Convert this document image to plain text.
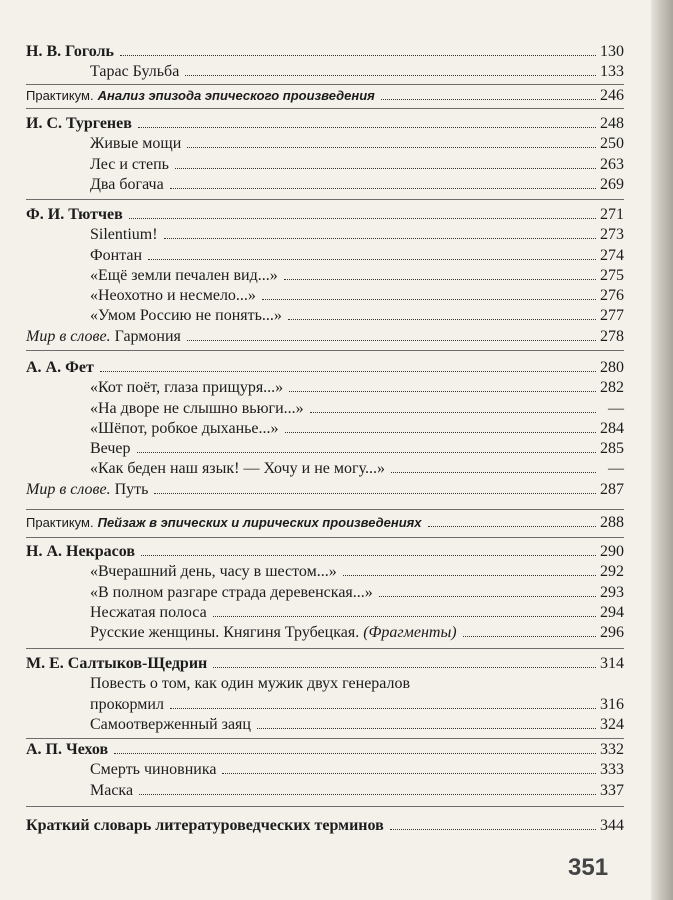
Н. В. Гоголь	130
Тарас Бульба	133
Практикум. Анализ эпизода эпического произведения	246
И. С. Тургенев	248
Живые мощи	250
Лес и степь	263
Два богача	269
Ф. И. Тютчев	271
Silentium!	273
Фонтан	274
«Ещё земли печален вид...»	275
«Неохотно и несмело...»	276
«Умом Россию не понять...»	277
Мир в слове.
Гармония	278
А. А. Фет	280
«Кот поёт, глаза прищуря...»	282
«На дворе не слышно вьюги...»	—
«Шёпот, робкое дыханье...»	284
Вечер	285
«Как беден наш язык! — Хочу и не могу...»	—
Мир в слове.
Путь	287
Практикум. Пейзаж в эпических и лирических произведениях	288
Н. А. Некрасов	290
«Вчерашний день, часу в шестом...»	292
«В полном разгаре страда деревенская...»	293
Несжатая полоса	294
Русские женщины. Княгиня Трубецкая.
(Фрагменты)	296
М. Е. Салтыков-Щедрин	314
Повесть о том, как один мужик двух генералов
прокормил	316
Самоотверженный заяц	324
А. П. Чехов	332
Смерть чиновника	333
Маска	337
Краткий словарь литературоведческих терминов	344
351
